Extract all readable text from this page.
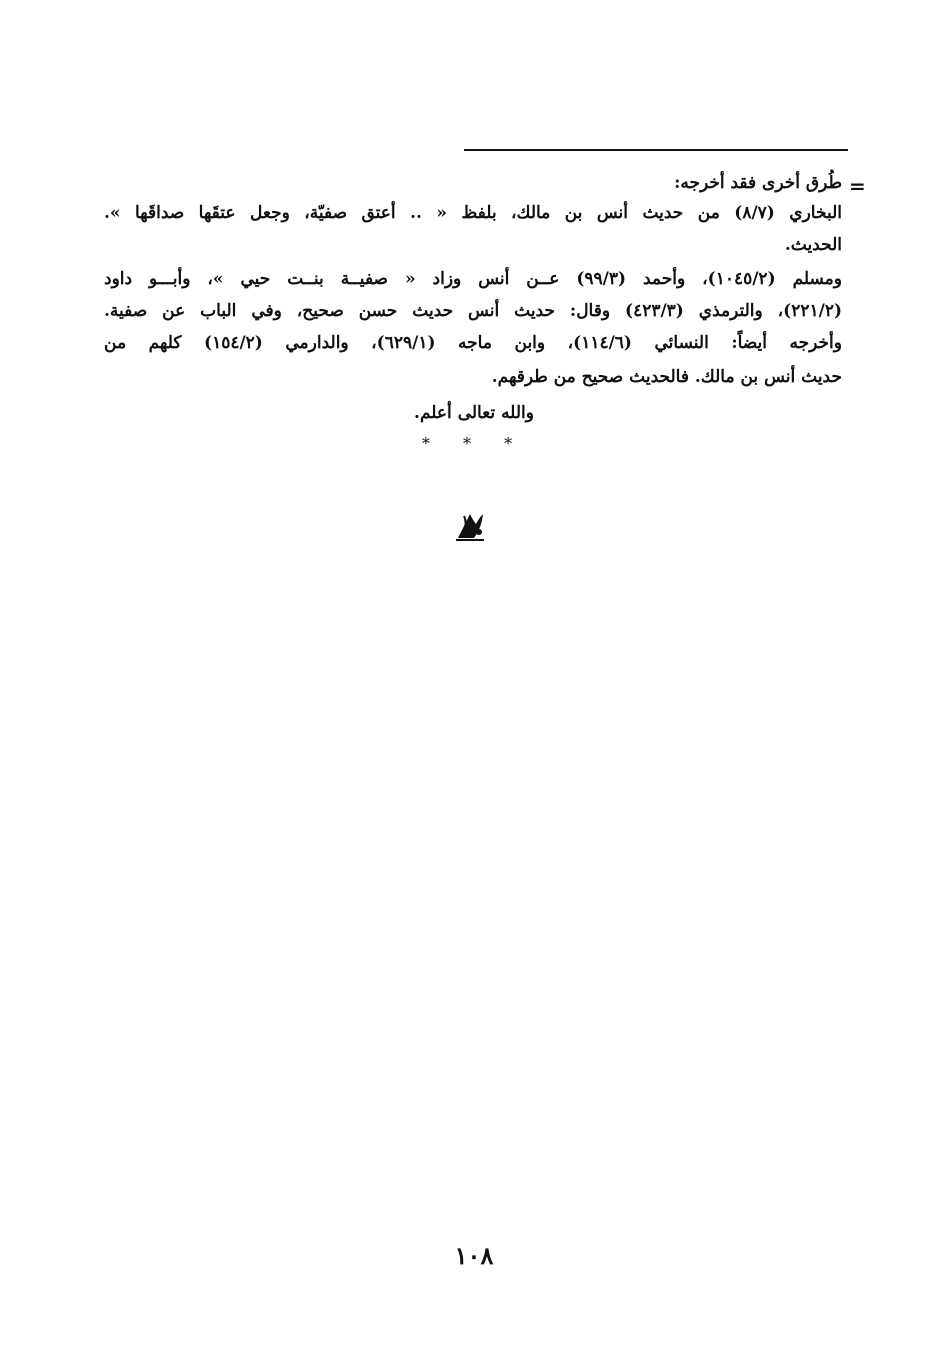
=
طُرق أخرى فقد أخرجه:
البخاري (٨/٧) من حديث أنس بن مالك، بلفظ « .. أعتق صفيّة، وجعل عتقَها صداقَها ».
الحديث.
ومسلم (١٠٤٥/٢)، وأحمد (٩٩/٣) عــن أنس وزاد « صفيــة بنــت حيي »، وأبـــو داود
(٢٢١/٢)، والترمذي (٤٢٣/٣) وقال: حديث أنس حديث حسن صحيح، وفي الباب عن صفية.
وأخرجه أيضاً: النسائي (١١٤/٦)، وابن ماجه (٦٢٩/١)، والدارمي (١٥٤/٢) كلهم من
حديث أنس بن مالك. فالحديث صحيح من طرقهم.
والله تعالى أعلم.
* * *
١٠٨
